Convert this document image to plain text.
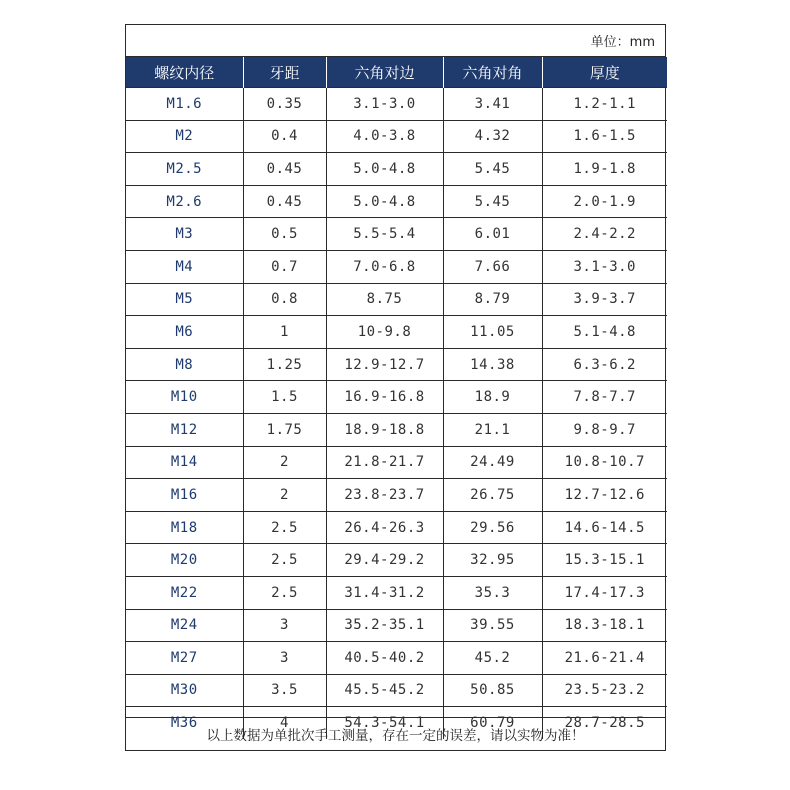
单位：mm
螺纹内径	牙距	六角对边	六角对角	厚度
M1.6	0.35	3.1-3.0	3.41	1.2-1.1
M2	0.4	4.0-3.8	4.32	1.6-1.5
M2.5	0.45	5.0-4.8	5.45	1.9-1.8
M2.6	0.45	5.0-4.8	5.45	2.0-1.9
M3	0.5	5.5-5.4	6.01	2.4-2.2
M4	0.7	7.0-6.8	7.66	3.1-3.0
M5	0.8	8.75	8.79	3.9-3.7
M6	1	10-9.8	11.05	5.1-4.8
M8	1.25	12.9-12.7	14.38	6.3-6.2
M10	1.5	16.9-16.8	18.9	7.8-7.7
M12	1.75	18.9-18.8	21.1	9.8-9.7
M14	2	21.8-21.7	24.49	10.8-10.7
M16	2	23.8-23.7	26.75	12.7-12.6
M18	2.5	26.4-26.3	29.56	14.6-14.5
M20	2.5	29.4-29.2	32.95	15.3-15.1
M22	2.5	31.4-31.2	35.3	17.4-17.3
M24	3	35.2-35.1	39.55	18.3-18.1
M27	3	40.5-40.2	45.2	21.6-21.4
M30	3.5	45.5-45.2	50.85	23.5-23.2
M36	4	54.3-54.1	60.79	28.7-28.5
以上数据为单批次手工测量，存在一定的误差，请以实物为准！
